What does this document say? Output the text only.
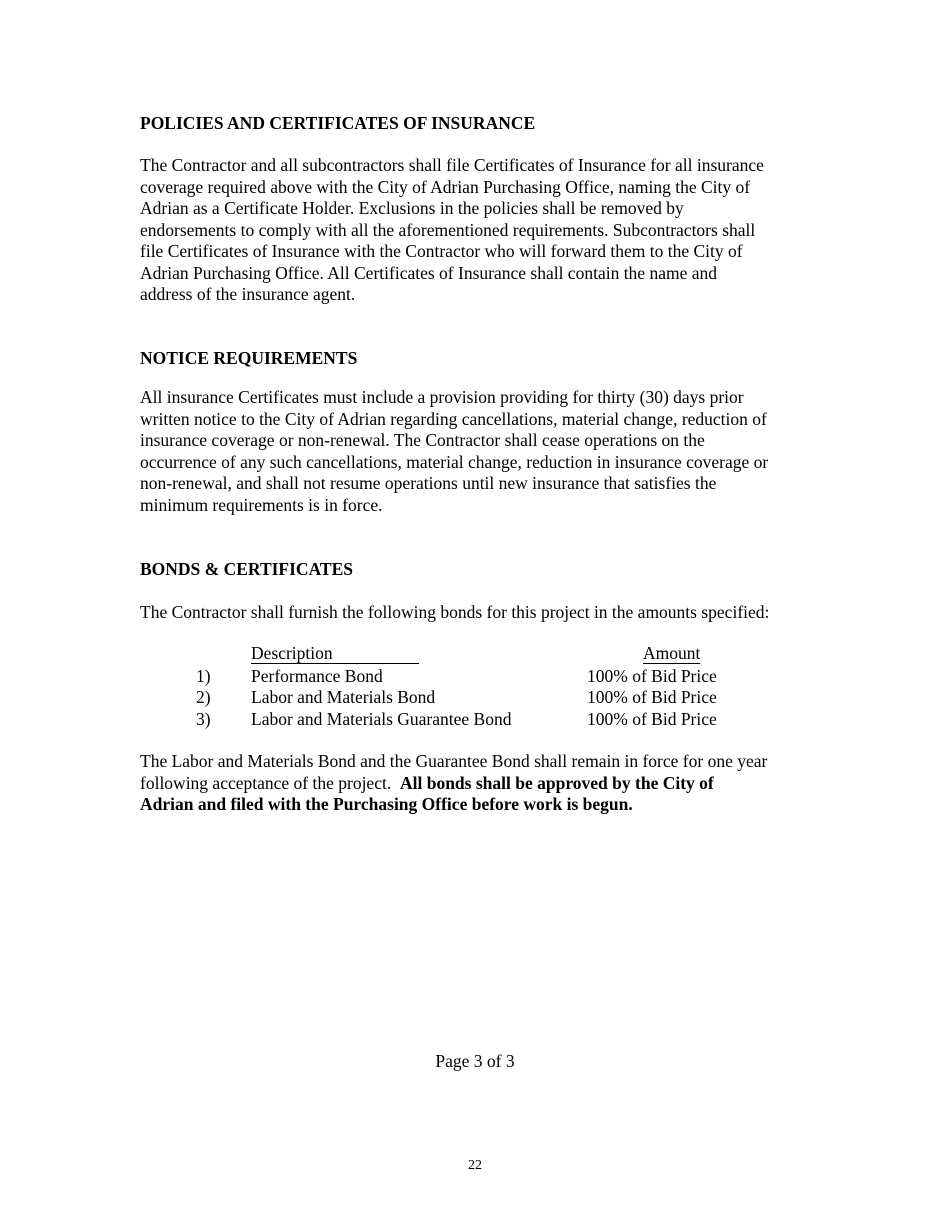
POLICIES AND CERTIFICATES OF INSURANCE
The Contractor and all subcontractors shall file Certificates of Insurance for all insurance
coverage required above with the City of Adrian Purchasing Office, naming the City of
Adrian as a Certificate Holder. Exclusions in the policies shall be removed by
endorsements to comply with all the aforementioned requirements. Subcontractors shall
file Certificates of Insurance with the Contractor who will forward them to the City of
Adrian Purchasing Office. All Certificates of Insurance shall contain the name and
address of the insurance agent.
NOTICE REQUIREMENTS
All insurance Certificates must include a provision providing for thirty (30) days prior
written notice to the City of Adrian regarding cancellations, material change, reduction of
insurance coverage or non-renewal. The Contractor shall cease operations on the
occurrence of any such cancellations, material change, reduction in insurance coverage or
non-renewal, and shall not resume operations until new insurance that satisfies the
minimum requirements is in force.
BONDS & CERTIFICATES
The Contractor shall furnish the following bonds for this project in the amounts specified:
Description	Amount
1) Performance Bond	100% of Bid Price
2) Labor and Materials Bond	100% of Bid Price
3) Labor and Materials Guarantee Bond	100% of Bid Price
The Labor and Materials Bond and the Guarantee Bond shall remain in force for one year
following acceptance of the project.  All bonds shall be approved by the City of
Adrian and filed with the Purchasing Office before work is begun.
Page 3 of 3
22
